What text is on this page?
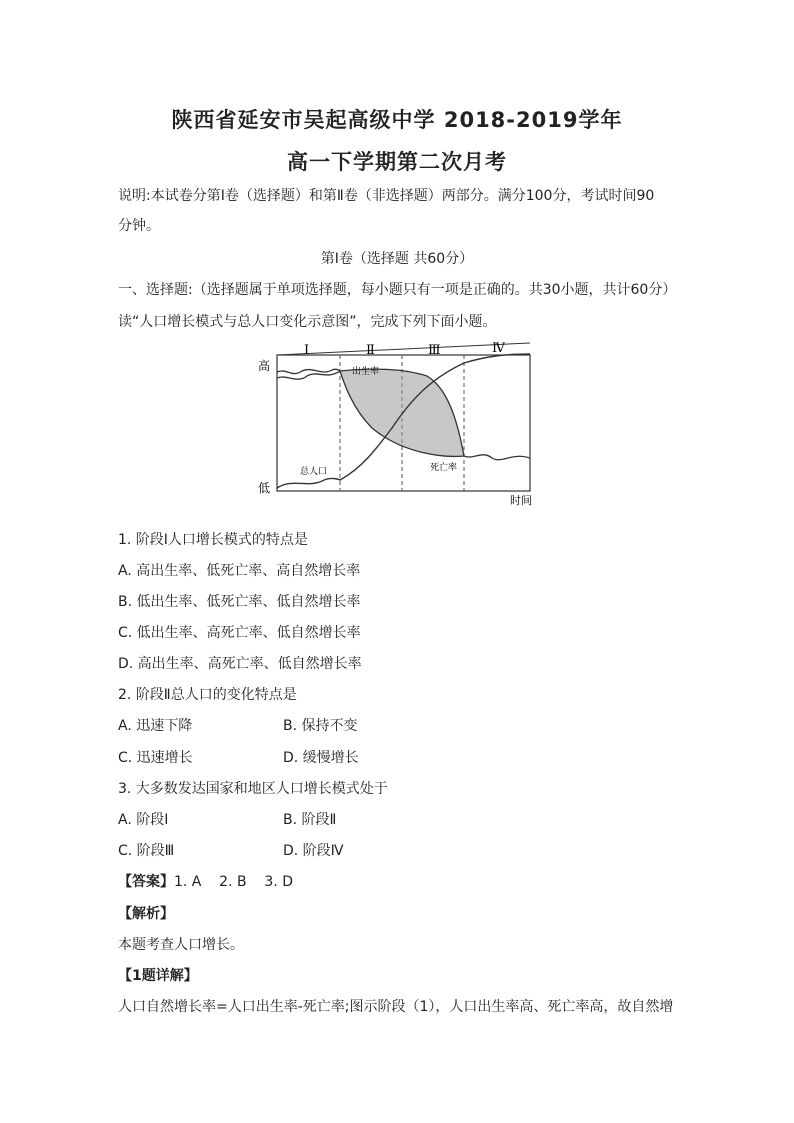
陕西省延安市吴起高级中学 2018-2019学年
高一下学期第二次月考
说明:本试卷分第Ⅰ卷（选择题）和第Ⅱ卷（非选择题）两部分。满分100分，考试时间90
分钟。
第Ⅰ卷（选择题 共60分）
一、选择题:（选择题属于单项选择题，每小题只有一项是正确的。共30小题，共计60分）
读“人口增长模式与总人口变化示意图”，完成下列下面小题。
Ⅰ	Ⅱ	Ⅲ	Ⅳ
高
低
时间
出生率
死亡率
总人口
1. 阶段Ⅰ人口增长模式的特点是
A. 高出生率、低死亡率、高自然增长率
B. 低出生率、低死亡率、低自然增长率
C. 低出生率、高死亡率、低自然增长率
D. 高出生率、高死亡率、低自然增长率
2. 阶段Ⅱ总人口的变化特点是
A. 迅速下降	B. 保持不变
C. 迅速增长	D. 缓慢增长
3. 大多数发达国家和地区人口增长模式处于
A. 阶段Ⅰ	B. 阶段Ⅱ
C. 阶段Ⅲ	D. 阶段Ⅳ
【答案】1. A    2. B    3. D
【解析】
本题考查人口增长。
【1题详解】
人口自然增长率=人口出生率-死亡率;图示阶段（1），人口出生率高、死亡率高，故自然增
